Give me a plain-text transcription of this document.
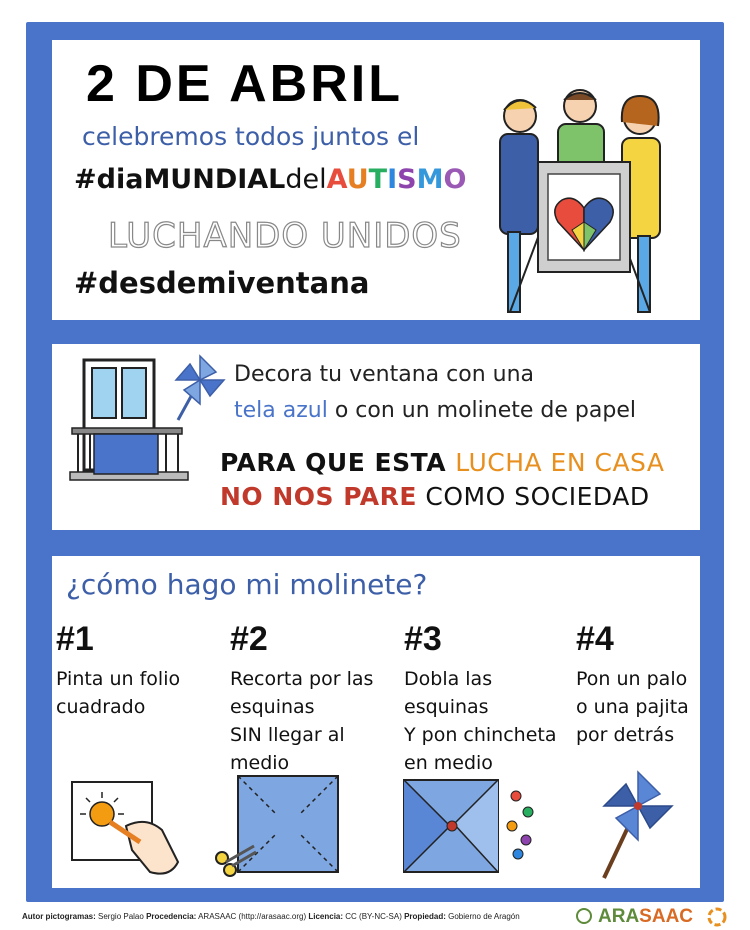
2 DE ABRIL
celebremos todos juntos el
#diaMUNDIALdelAUTISMO
LUCHANDO UNIDOS
#desdemiventana
Decora tu ventana con una
tela azul o con un molinete de papel
PARA QUE ESTA LUCHA EN CASA
NO NOS PARE COMO SOCIEDAD
¿cómo hago mi molinete?
#1
Pinta un folio
cuadrado
#2
Recorta por las
esquinas
SIN llegar al
medio
#3
Dobla las
esquinas
Y pon chincheta
en medio
#4
Pon un palo
o una pajita
por detrás
Autor pictogramas: Sergio Palao Procedencia: ARASAAC (http://arasaac.org) Licencia: CC (BY-NC-SA) Propiedad: Gobierno de Aragón	ARASAAC
